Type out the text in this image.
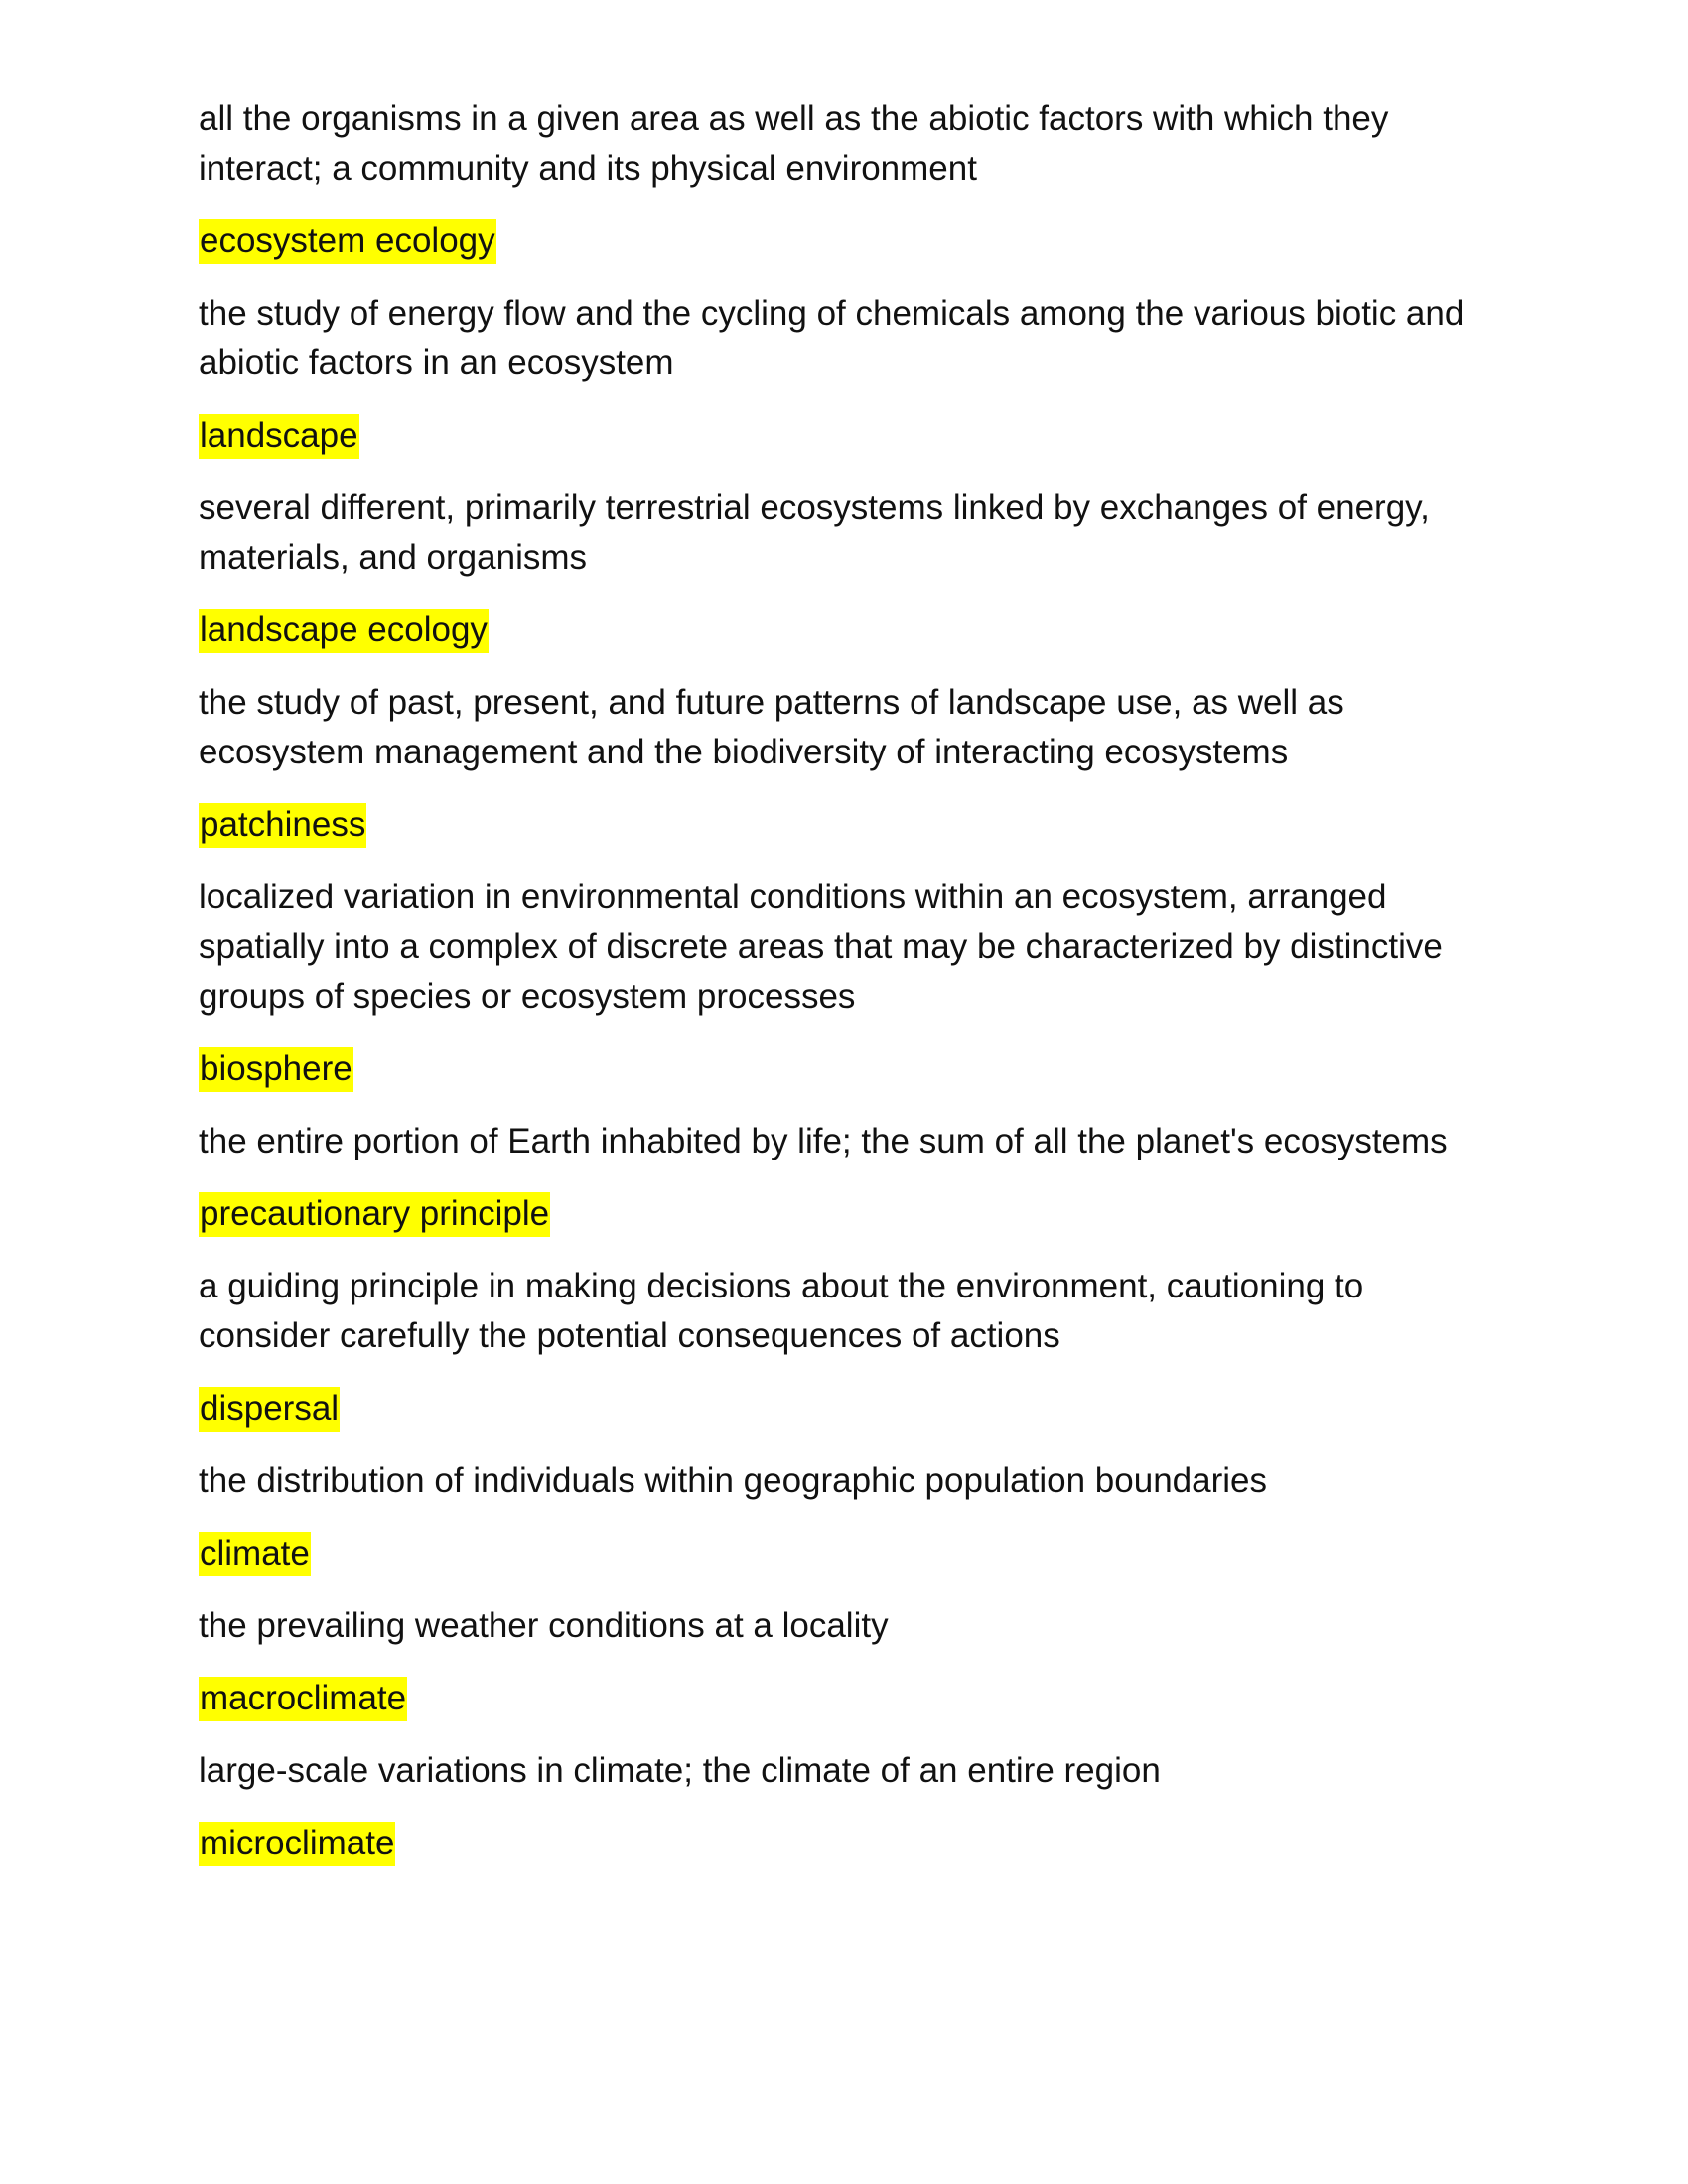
all the organisms in a given area as well as the abiotic factors with which they interact; a community and its physical environment

ecosystem ecology

the study of energy flow and the cycling of chemicals among the various biotic and abiotic factors in an ecosystem

landscape

several different, primarily terrestrial ecosystems linked by exchanges of energy, materials, and organisms

landscape ecology

the study of past, present, and future patterns of landscape use, as well as ecosystem management and the biodiversity of interacting ecosystems

patchiness

localized variation in environmental conditions within an ecosystem, arranged spatially into a complex of discrete areas that may be characterized by distinctive groups of species or ecosystem processes

biosphere

the entire portion of Earth inhabited by life; the sum of all the planet's ecosystems

precautionary principle

a guiding principle in making decisions about the environment, cautioning to consider carefully the potential consequences of actions

dispersal

the distribution of individuals within geographic population boundaries

climate

the prevailing weather conditions at a locality

macroclimate

large-scale variations in climate; the climate of an entire region

microclimate
